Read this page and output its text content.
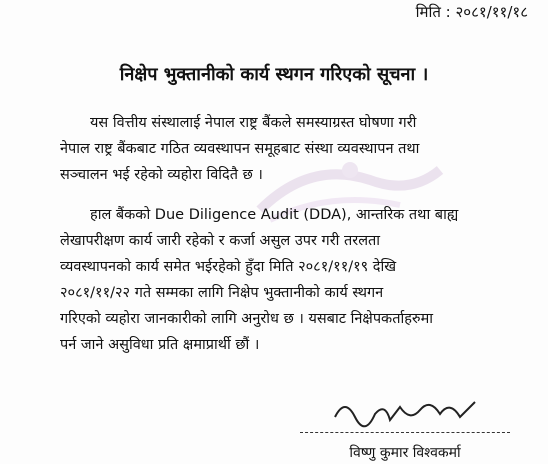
मिति : २०८१/११/१८
निक्षेप भुक्तानीको कार्य स्थगन गरिएको सूचना ।
यस वित्तीय संस्थालाई नेपाल राष्ट्र बैंकले समस्याग्रस्त घोषणा गरी
नेपाल राष्ट्र बैंकबाट गठित व्यवस्थापन समूहबाट संस्था व्यवस्थापन तथा
सञ्चालन भई रहेको व्यहोरा विदितै छ ।
हाल बैंकको Due Diligence Audit (DDA), आन्तरिक तथा बाह्य
लेखापरीक्षण कार्य जारी रहेको र कर्जा असुल उपर गरी तरलता
व्यवस्थापनको कार्य समेत भईरहेको हुँदा मिति २०८१/११/१९ देखि
२०८१/११/२२ गते सम्मका लागि निक्षेप भुक्तानीको कार्य स्थगन
गरिएको व्यहोरा जानकारीको लागि अनुरोध छ । यसबाट निक्षेपकर्ताहरुमा
पर्न जाने असुविधा प्रति क्षमाप्रार्थी छौं ।
विष्णु कुमार विश्वकर्मा
